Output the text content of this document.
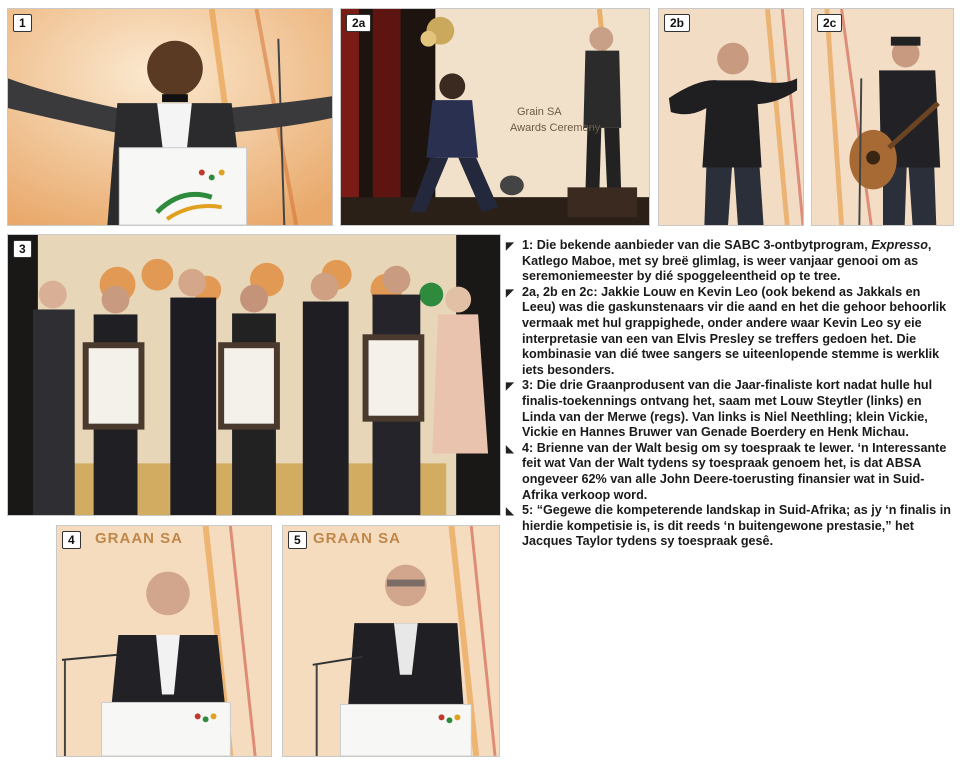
1
Grain SA
Awards Ceremony
2a	2b	2c
3
GRAAN SA
4	GRAAN SA
5
◤ 1: Die bekende aanbieder van die SABC 3-ontbytprogram, Expresso, Katlego Maboe, met sy breë glimlag, is weer vanjaar genooi om as seremoniemeester by dié spoggeleentheid op te tree.
◤ 2a, 2b en 2c: Jakkie Louw en Kevin Leo (ook bekend as Jakkals en Leeu) was die gaskunstenaars vir die aand en het die gehoor behoorlik vermaak met hul grappighede, onder andere waar Kevin Leo sy eie interpretasie van een van Elvis Presley se treffers gedoen het. Die kombinasie van dié twee sangers se uiteenlopende stemme is werklik iets besonders.
◤ 3: Die drie Graanprodusent van die Jaar-finaliste kort nadat hulle hul finalis-toekennings ontvang het, saam met Louw Steytler (links) en Linda van der Merwe (regs). Van links is Niel Neethling; klein Vickie, Vickie en Hannes Bruwer van Genade Boerdery en Henk Michau.
◣ 4: Brienne van der Walt besig om sy toespraak te lewer. ‘n Interessante feit wat Van der Walt tydens sy toespraak genoem het, is dat ABSA ongeveer 62% van alle John Deere-toerusting finansier wat in Suid-Afrika verkoop word.
◣ 5: “Gegewe die kompeterende landskap in Suid-Afrika; as jy ‘n finalis in hierdie kompetisie is, is dit reeds ‘n buitengewone prestasie,” het Jacques Taylor tydens sy toespraak gesê.
